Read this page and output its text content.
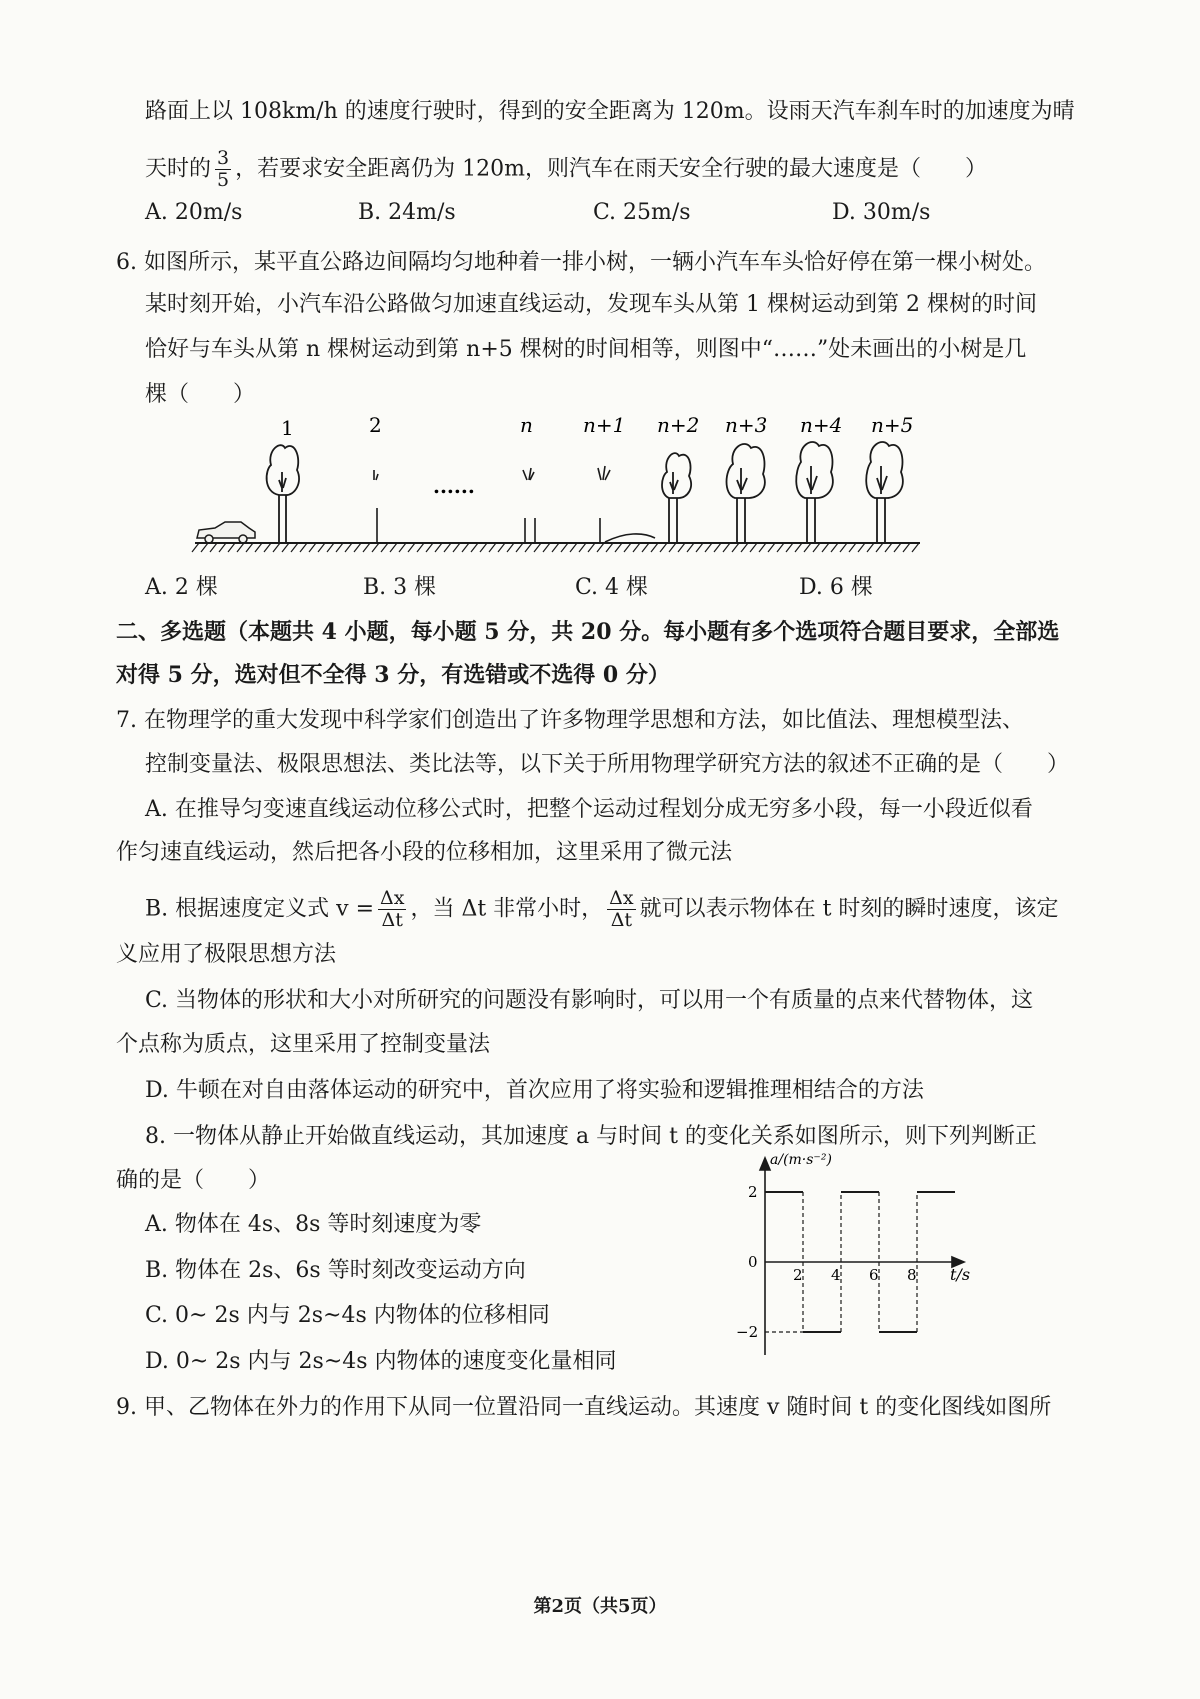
路面上以 108km/h 的速度行驶时，得到的安全距离为 120m。设雨天汽车刹车时的加速度为晴
天时的 $\frac{3}{5}$ ，若要求安全距离仍为 120m，则汽车在雨天安全行驶的最大速度是（　　）
A. 20m/s	B. 24m/s	C. 25m/s	D. 30m/s
6. 如图所示，某平直公路边间隔均匀地种着一排小树，一辆小汽车车头恰好停在第一棵小树处。
某时刻开始，小汽车沿公路做匀加速直线运动，发现车头从第 1 棵树运动到第 2 棵树的时间
恰好与车头从第 n 棵树运动到第 n+5 棵树的时间相等，则图中“……”处未画出的小树是几
棵（　　）
1	2	n	n+1 n+2 n+3 n+4 n+5
......
A. 2 棵	B. 3 棵	C. 4 棵	D. 6 棵
二、多选题（本题共 4 小题，每小题 5 分，共 20 分。每小题有多个选项符合题目要求，全部选
对得 5 分，选对但不全得 3 分，有选错或不选得 0 分）
7. 在物理学的重大发现中科学家们创造出了许多物理学思想和方法，如比值法、理想模型法、
控制变量法、极限思想法、类比法等，以下关于所用物理学研究方法的叙述不正确的是（　　）
A. 在推导匀变速直线运动位移公式时，把整个运动过程划分成无穷多小段，每一小段近似看
作匀速直线运动，然后把各小段的位移相加，这里采用了微元法
B. 根据速度定义式 $v = \frac{\Delta x}{\Delta t}$ ，当 Δt 非常小时， $\frac{\Delta x}{\Delta t}$ 就可以表示物体在 t 时刻的瞬时速度，该定
义应用了极限思想方法
C. 当物体的形状和大小对所研究的问题没有影响时，可以用一个有质量的点来代替物体，这
个点称为质点，这里采用了控制变量法
D. 牛顿在对自由落体运动的研究中，首次应用了将实验和逻辑推理相结合的方法
8. 一物体从静止开始做直线运动，其加速度 a 与时间 t 的变化关系如图所示，则下列判断正
确的是（　　）
A. 物体在 4s、8s 等时刻速度为零
B. 物体在 2s、6s 等时刻改变运动方向
C. 0~ 2s 内与 2s~4s 内物体的位移相同
D. 0~ 2s 内与 2s~4s 内物体的速度变化量相同
a/(m·s⁻²)
t/s
2 4 6 8
2
0
−2
9. 甲、乙物体在外力的作用下从同一位置沿同一直线运动。其速度 v 随时间 t 的变化图线如图所
第2页（共5页）
